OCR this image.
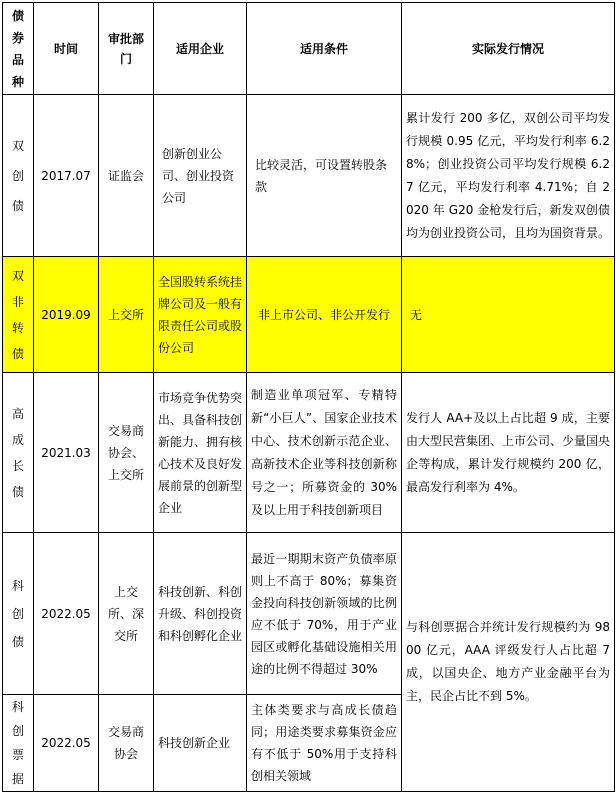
债券品种	时间	审批部门	适用企业	适用条件	实际发行情况
双创债	2017.07	证监会	创新创业公司、创业投资公司	比较灵活，可设置转股条款	累计发行 200 多亿，双创公司平均发行规模 0.95 亿元，平均发行利率 6.28%；创业投资公司平均发行规模 6.27 亿元，平均发行利率 4.71%；自 2020 年 G20 金枪发行后，新发双创债均为创业投资公司，且均为国资背景。
双非转债	2019.09	上交所	全国股转系统挂牌公司及一般有限责任公司或股份公司	非上市公司、非公开发行	无
高成长债	2021.03	交易商协会、上交所	市场竞争优势突出、具备科技创新能力、拥有核心技术及良好发展前景的创新型企业	制造业单项冠军、专精特新“小巨人”、国家企业技术中心、技术创新示范企业、高新技术企业等科技创新称号之一；所募资金的 30%及以上用于科技创新项目	发行人 AA+及以上占比超 9 成，主要由大型民营集团、上市公司、少量国央企等构成，累计发行规模约 200 亿，最高发行利率为 4%。
科创债	2022.05	上交所、深交所	科技创新、科创升级、科创投资和科创孵化企业	最近一期期末资产负债率原则上不高于 80%；募集资金投向科技创新领域的比例应不低于 70%，用于产业园区或孵化基础设施相关用途的比例不得超过 30%	与科创票据合并统计发行规模约为 9800 亿元，AAA 评级发行人占比超 7 成，以国央企、地方产业金融平台为主，民企占比不到 5%。
科创票据	2022.05	交易商协会	科技创新企业	主体类要求与高成长债趋同；用途类要求募集资金应有不低于 50%用于支持科创相关领域	
